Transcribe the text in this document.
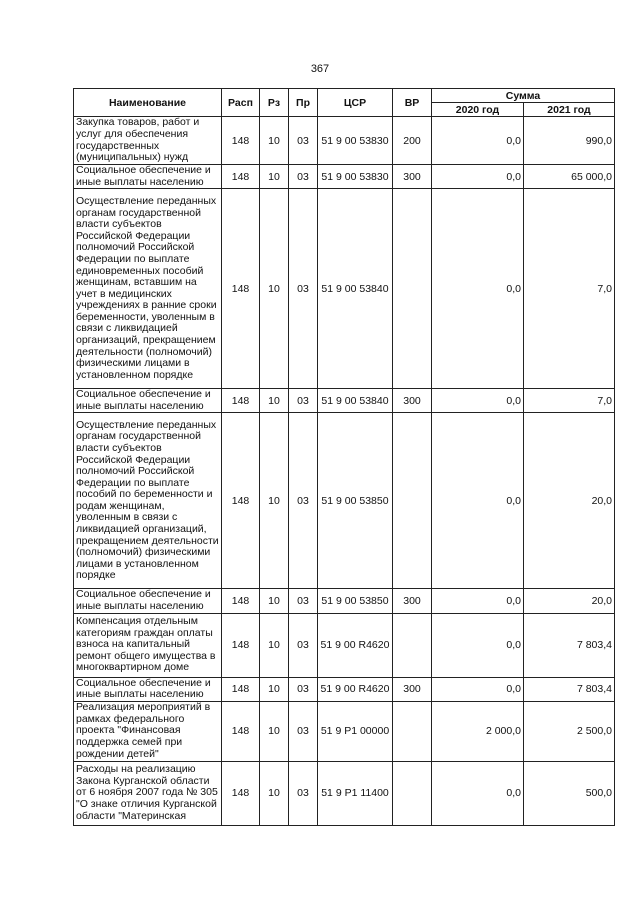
367
Наименование	Расп	Рз	Пр	ЦСР	ВР	Сумма	
						2020 год	2021 год
Закупка товаров, работ и услуг для обеспечения государственных (муниципальных) нужд	148	10	03	51 9 00 53830	200	0,0	990,0
Социальное обеспечение и иные выплаты населению	148	10	03	51 9 00 53830	300	0,0	65 000,0
Осуществление переданных органам государственной власти субъектов Российской Федерации полномочий Российской Федерации по выплате единовременных пособий женщинам, вставшим на учет в медицинских учреждениях в ранние сроки беременности, уволенным в связи с ликвидацией организаций, прекращением деятельности (полномочий) физическими лицами в установленном порядке	148	10	03	51 9 00 53840		0,0	7,0
Социальное обеспечение и иные выплаты населению	148	10	03	51 9 00 53840	300	0,0	7,0
Осуществление переданных органам государственной власти субъектов Российской Федерации полномочий Российской Федерации по выплате пособий по беременности и родам женщинам, уволенным в связи с ликвидацией организаций, прекращением деятельности (полномочий) физическими лицами в установленном порядке	148	10	03	51 9 00 53850		0,0	20,0
Социальное обеспечение и иные выплаты населению	148	10	03	51 9 00 53850	300	0,0	20,0
Компенсация отдельным категориям граждан оплаты взноса на капитальный ремонт общего имущества в многоквартирном доме	148	10	03	51 9 00 R4620		0,0	7 803,4
Социальное обеспечение и иные выплаты населению	148	10	03	51 9 00 R4620	300	0,0	7 803,4
Реализация мероприятий в рамках федерального проекта "Финансовая поддержка семей при рождении детей"	148	10	03	51 9 P1 00000		2 000,0	2 500,0
Расходы на реализацию Закона Курганской области от 6 ноября 2007 года № 305 "О знаке отличия Курганской области "Материнская	148	10	03	51 9 P1 11400		0,0	500,0
